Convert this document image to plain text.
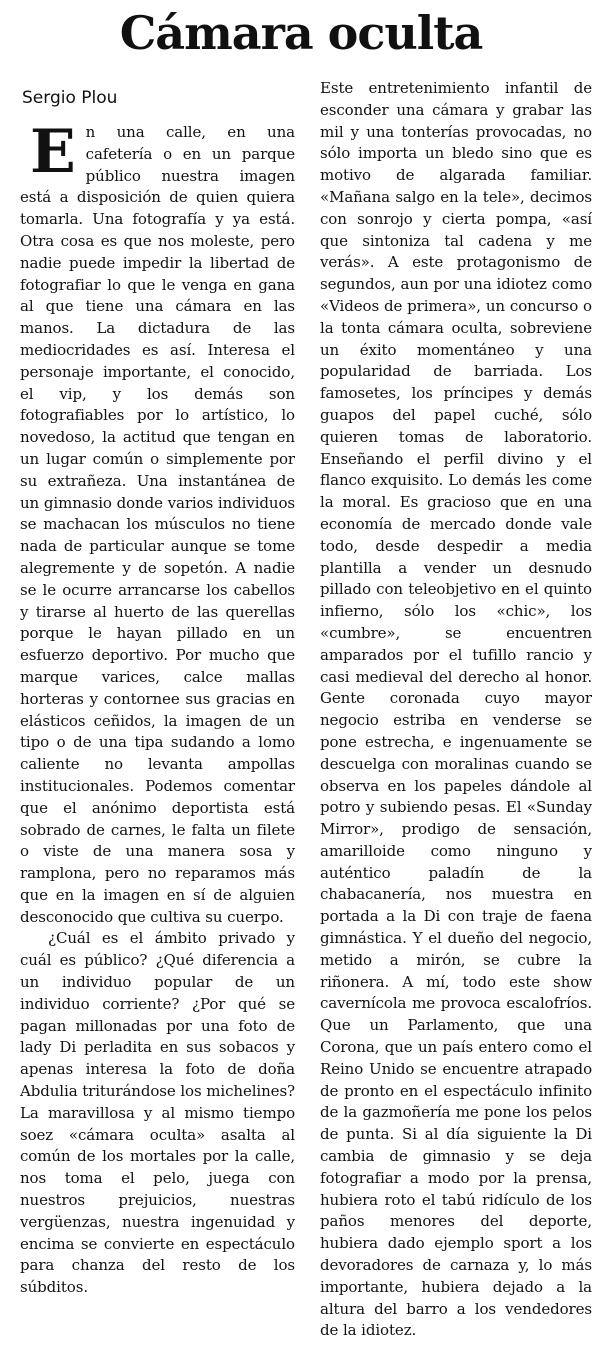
Cámara oculta
Sergio Plou

En una calle, en una cafetería o en un parque público nuestra imagen está a disposición de quien quiera tomarla. Una fotografía y ya está. Otra cosa es que nos moleste, pero nadie puede impedir la libertad de fotografiar lo que le venga en gana al que tiene una cámara en las manos. La dictadura de las mediocridades es así. Interesa el personaje importante, el conocido, el vip, y los demás son fotografiables por lo artístico, lo novedoso, la actitud que tengan en un lugar común o simplemente por su extrañeza. Una instantánea de un gimnasio donde varios individuos se machacan los músculos no tiene nada de particular aunque se tome alegremente y de sopetón. A nadie se le ocurre arrancarse los cabellos y tirarse al huerto de las querellas porque le hayan pillado en un esfuerzo deportivo. Por mucho que marque varices, calce mallas horteras y contornee sus gracias en elásticos ceñidos, la imagen de un tipo o de una tipa sudando a lomo caliente no levanta ampollas institucionales. Podemos comentar que el anónimo deportista está sobrado de carnes, le falta un filete o viste de una manera sosa y ramplona, pero no reparamos más que en la imagen en sí de alguien desconocido que cultiva su cuerpo.

¿Cuál es el ámbito privado y cuál es público? ¿Qué diferencia a un individuo popular de un individuo corriente? ¿Por qué se pagan millonadas por una foto de lady Di perladita en sus sobacos y apenas interesa la foto de doña Abdulia triturándose los michelines? La maravillosa y al mismo tiempo soez «cámara oculta» asalta al común de los mortales por la calle, nos toma el pelo, juega con nuestros prejuicios, nuestras vergüenzas, nuestra ingenuidad y encima se convierte en espectáculo para chanza del resto de los súbditos.

Este entretenimiento infantil de esconder una cámara y grabar las mil y una tonterías provocadas, no sólo importa un bledo sino que es motivo de algarada familiar. «Mañana salgo en la tele», decimos con sonrojo y cierta pompa, «así que sintoniza tal cadena y me verás». A este protagonismo de segundos, aun por una idiotez como «Videos de primera», un concurso o la tonta cámara oculta, sobreviene un éxito momentáneo y una popularidad de barriada. Los famosetes, los príncipes y demás guapos del papel cuché, sólo quieren tomas de laboratorio. Enseñando el perfil divino y el flanco exquisito. Lo demás les come la moral. Es gracioso que en una economía de mercado donde vale todo, desde despedir a media plantilla a vender un desnudo pillado con teleobjetivo en el quinto infierno, sólo los «chic», los «cumbre», se encuentren amparados por el tufillo rancio y casi medieval del derecho al honor. Gente coronada cuyo mayor negocio estriba en venderse se pone estrecha, e ingenuamente se descuelga con moralinas cuando se observa en los papeles dándole al potro y subiendo pesas. El «Sunday Mirror», prodigo de sensación, amarilloide como ninguno y auténtico paladín de la chabacanería, nos muestra en portada a la Di con traje de faena gimnástica. Y el dueño del negocio, metido a mirón, se cubre la riñonera. A mí, todo este show cavernícola me provoca escalofríos. Que un Parlamento, que una Corona, que un país entero como el Reino Unido se encuentre atrapado de pronto en el espectáculo infinito de la gazmoñería me pone los pelos de punta. Si al día siguiente la Di cambia de gimnasio y se deja fotografiar a modo por la prensa, hubiera roto el tabú ridículo de los paños menores del deporte, hubiera dado ejemplo sport a los devoradores de carnaza y, lo más importante, hubiera dejado a la altura del barro a los vendedores de la idiotez.
